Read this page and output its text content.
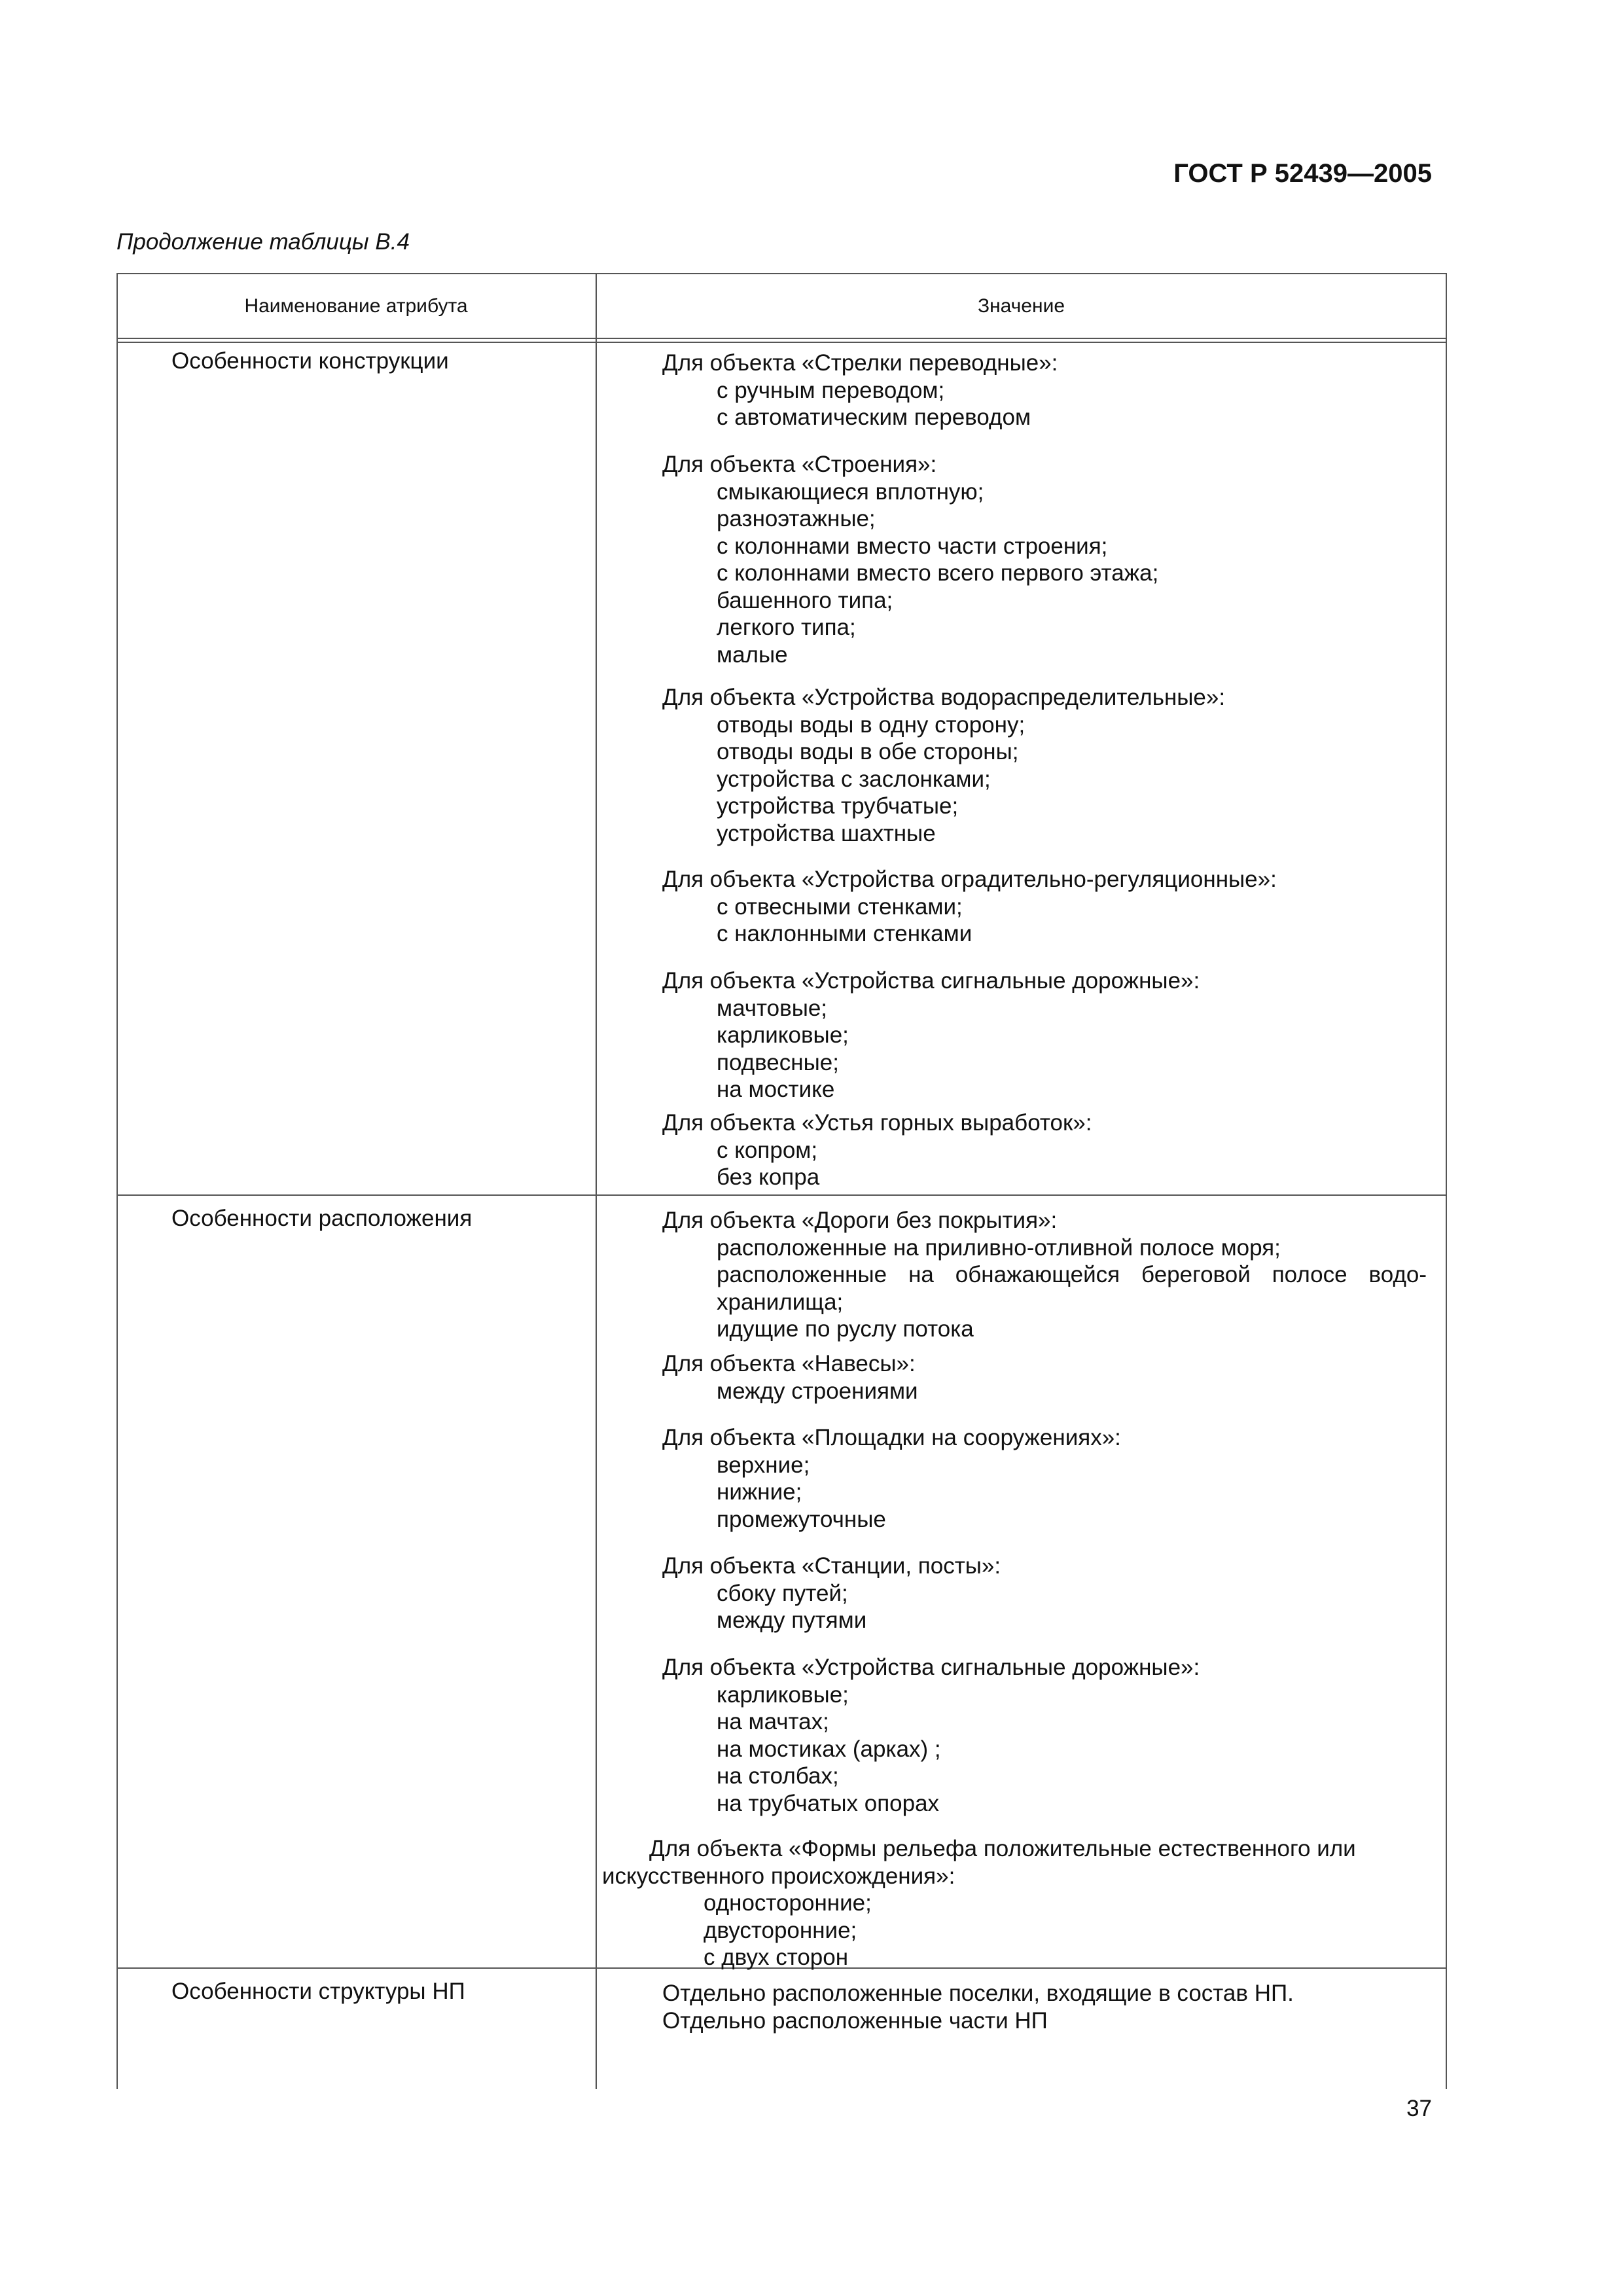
ГОСТ Р 52439—2005
Продолжение таблицы В.4
Наименование атрибута	Значение
Особенности конструкции	Для объекта «Стрелки переводные»:
с ручным переводом;
с автоматическим переводом
Для объекта «Строения»:
смыкающиеся вплотную;
разноэтажные;
с колоннами вместо части строения;
с колоннами вместо всего первого этажа;
башенного типа;
легкого типа;
малые
Для объекта «Устройства водораспределительные»:
отводы воды в одну сторону;
отводы воды в обе стороны;
устройства с заслонками;
устройства трубчатые;
устройства шахтные
Для объекта «Устройства оградительно-регуляционные»:
с отвесными стенками;
с наклонными стенками
Для объекта «Устройства сигнальные дорожные»:
мачтовые;
карликовые;
подвесные;
на мостике
Для объекта «Устья горных выработок»:
с копром;
без копра
Особенности расположения	Для объекта «Дороги без покрытия»:
расположенные на приливно-отливной полосе моря;
расположенные на обнажающейся береговой полосе водо-
хранилища;
идущие по руслу потока
Для объекта «Навесы»:
между строениями
Для объекта «Площадки на сооружениях»:
верхние;
нижние;
промежуточные
Для объекта «Станции, посты»:
сбоку путей;
между путями
Для объекта «Устройства сигнальные дорожные»:
карликовые;
на мачтах;
на мостиках (арках) ;
на столбах;
на трубчатых опорах
Для объекта «Формы рельефа положительные естественного или искусственного происхождения»:
односторонние;
двусторонние;
с двух сторон
Особенности структуры НП	Отдельно расположенные поселки, входящие в состав НП.
Отдельно расположенные части НП
37
